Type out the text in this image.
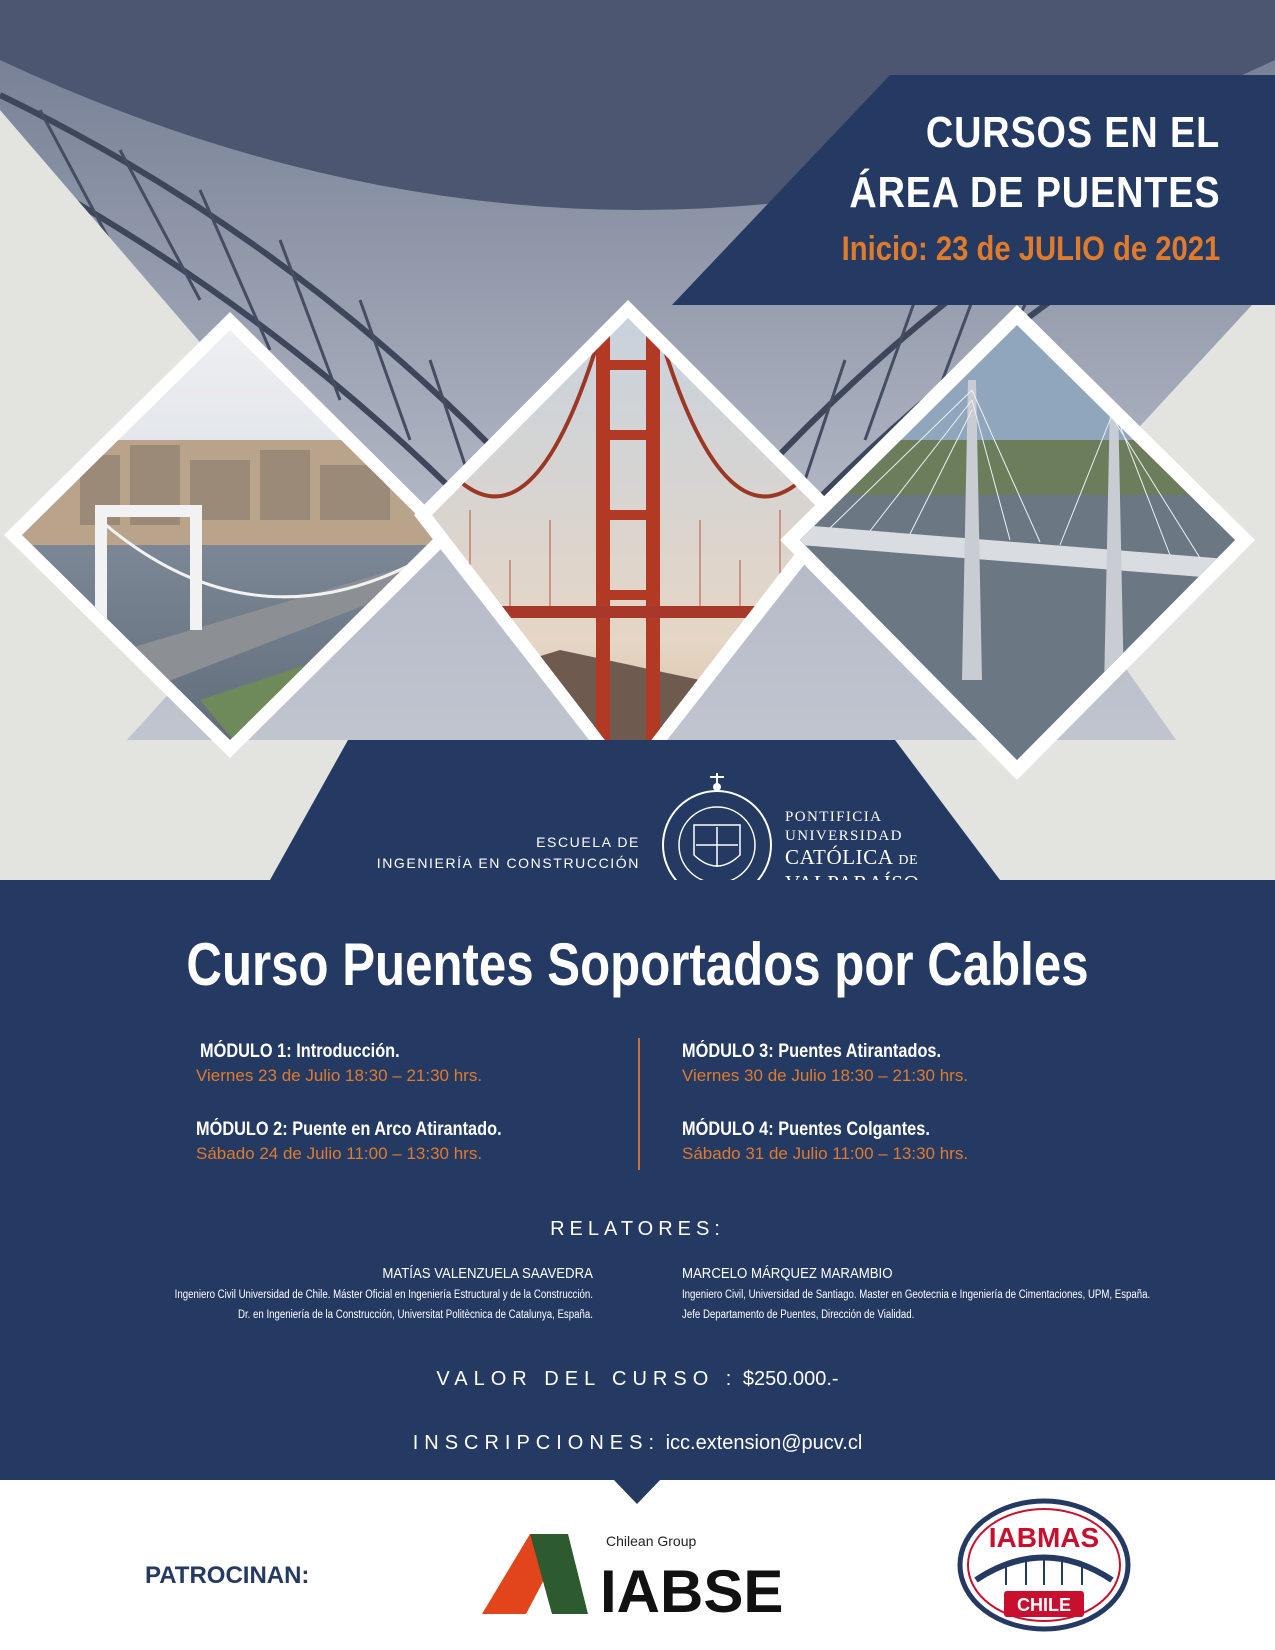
CURSOS EN EL
ÁREA DE PUENTES
Inicio: 23 de JULIO de 2021
ESCUELA DE
INGENIERÍA EN CONSTRUCCIÓN
PONTIFICIA
UNIVERSIDAD
CATÓLICA DE
Curso Puentes Soportados por Cables
MÓDULO 1: Introducción.
Viernes 23 de Julio 18:30 – 21:30 hrs.
MÓDULO 2: Puente en Arco Atirantado.
Sábado 24 de Julio 11:00 – 13:30 hrs.
MÓDULO 3: Puentes Atirantados.
Viernes 30 de Julio 18:30 – 21:30 hrs.
MÓDULO 4: Puentes Colgantes.
Sábado 31 de Julio 11:00 – 13:30 hrs.
RELATORES:
MATÍAS VALENZUELA SAAVEDRA
Ingeniero Civil Universidad de Chile. Máster Oficial en Ingeniería Estructural y de la Construcción.
Dr. en Ingeniería de la Construcción, Universitat Politècnica de Catalunya, España.
MARCELO MÁRQUEZ MARAMBIO
Ingeniero Civil, Universidad de Santiago. Master en Geotecnia e Ingeniería de Cimentaciones, UPM, España.
Jefe Departamento de Puentes, Dirección de Vialidad.
VALOR DEL CURSO : $250.000.-
INSCRIPCIONES: icc.extension@pucv.cl
PATROCINAN:
Chilean Group
IABSE
IABMAS
CHILE
